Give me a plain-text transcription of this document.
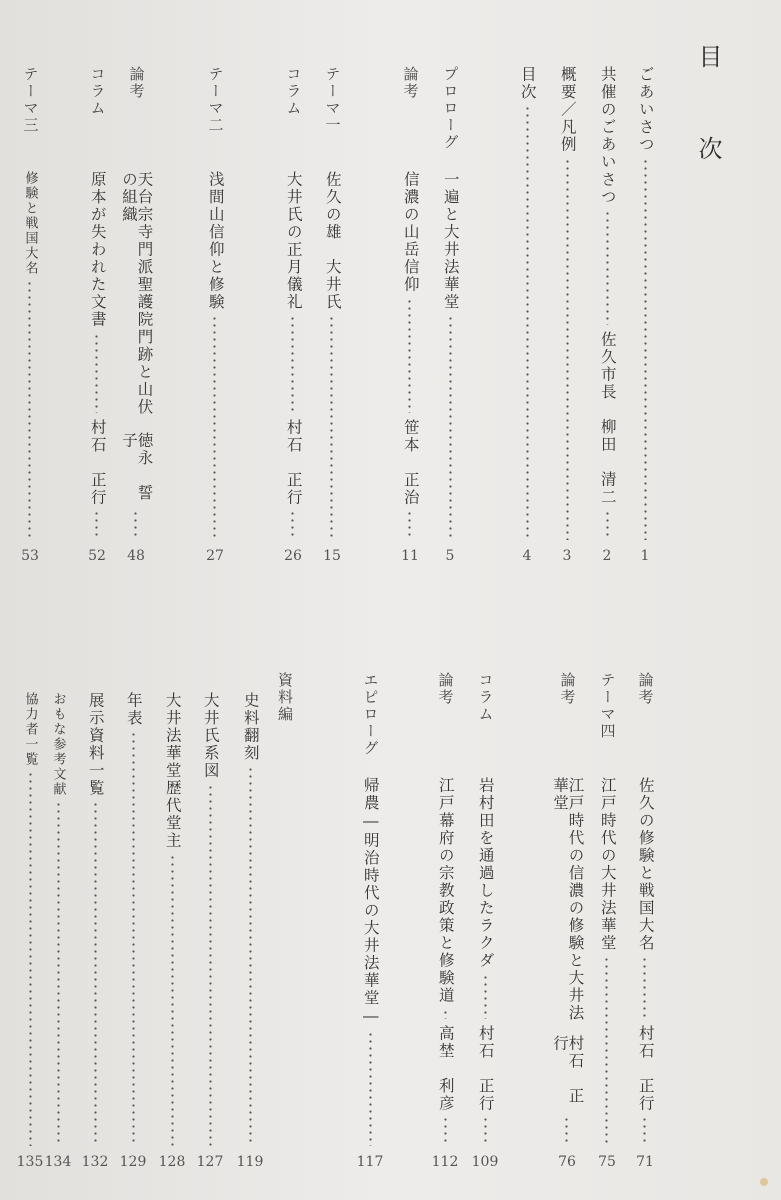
目　次
ごあいさつ
1
共催のごあいさつ
佐久市長　柳田　清二
2
概要／凡例
3
目次
4
プロローグ
一遍と大井法華堂
5
論考
信濃の山岳信仰
笹本　正治
11
テーマ一
佐久の雄　大井氏
15
コラム
大井氏の正月儀礼
村石　正行
26
テーマ二
浅間山信仰と修験
27
論考
天台宗寺門派聖護院門跡と山伏の組織
徳永　誓子
48
コラム
原本が失われた文書
村石　正行
52
テーマ三
修験と戦国大名
53
論考
佐久の修験と戦国大名
村石　正行
71
テーマ四
江戸時代の大井法華堂
75
論考
江戸時代の信濃の修験と大井法華堂
村石　正行
76
コラム
岩村田を通過したラクダ
村石　正行
109
論考
江戸幕府の宗教政策と修験道
高埜　利彦
112
エピローグ
帰農―明治時代の大井法華堂―
117
史料翻刻
119
大井氏系図
127
大井法華堂歴代堂主
128
年表
129
展示資料一覧
132
おもな参考文献
134
協力者一覧
135
資料編
